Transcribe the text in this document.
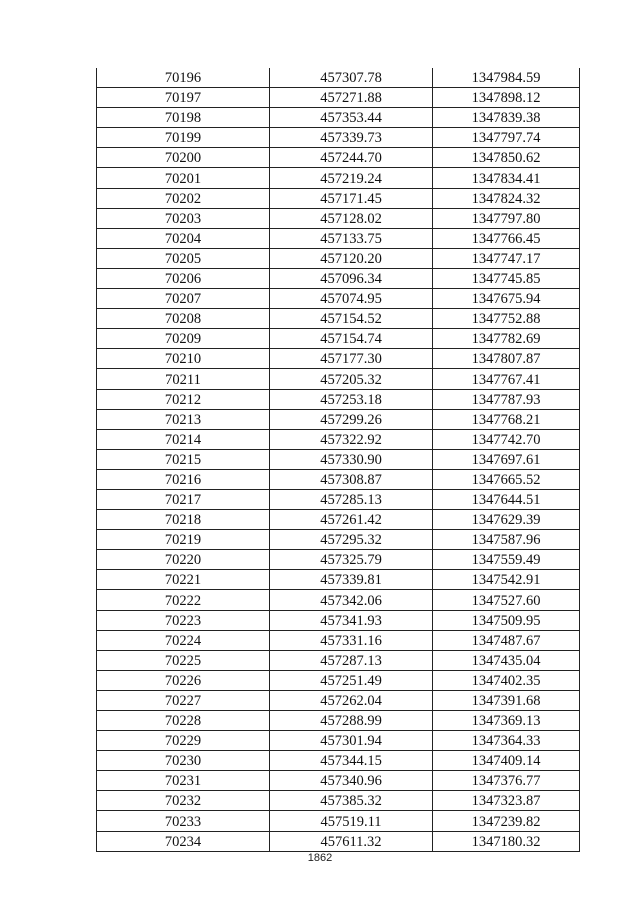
70196	457307.78	1347984.59
70197	457271.88	1347898.12
70198	457353.44	1347839.38
70199	457339.73	1347797.74
70200	457244.70	1347850.62
70201	457219.24	1347834.41
70202	457171.45	1347824.32
70203	457128.02	1347797.80
70204	457133.75	1347766.45
70205	457120.20	1347747.17
70206	457096.34	1347745.85
70207	457074.95	1347675.94
70208	457154.52	1347752.88
70209	457154.74	1347782.69
70210	457177.30	1347807.87
70211	457205.32	1347767.41
70212	457253.18	1347787.93
70213	457299.26	1347768.21
70214	457322.92	1347742.70
70215	457330.90	1347697.61
70216	457308.87	1347665.52
70217	457285.13	1347644.51
70218	457261.42	1347629.39
70219	457295.32	1347587.96
70220	457325.79	1347559.49
70221	457339.81	1347542.91
70222	457342.06	1347527.60
70223	457341.93	1347509.95
70224	457331.16	1347487.67
70225	457287.13	1347435.04
70226	457251.49	1347402.35
70227	457262.04	1347391.68
70228	457288.99	1347369.13
70229	457301.94	1347364.33
70230	457344.15	1347409.14
70231	457340.96	1347376.77
70232	457385.32	1347323.87
70233	457519.11	1347239.82
70234	457611.32	1347180.32
1862
